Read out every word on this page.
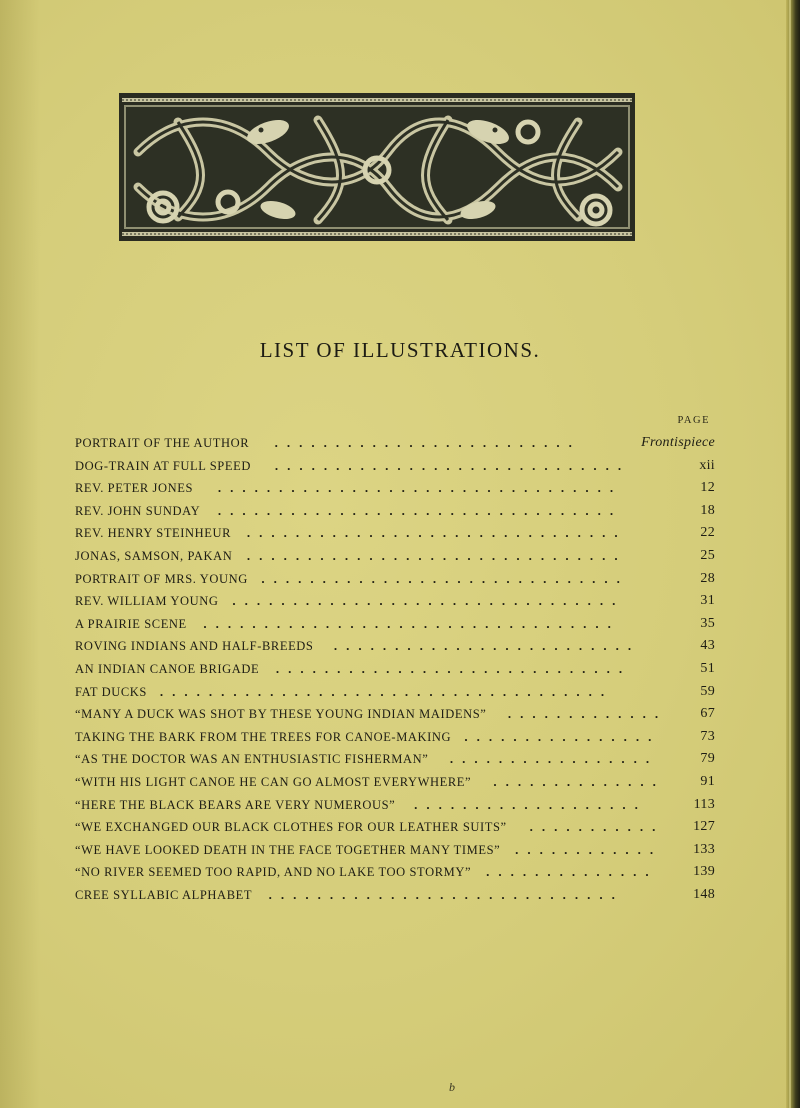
LIST OF ILLUSTRATIONS.
PAGE
PORTRAIT OF THE AUTHOR .........................	Frontispiece
DOG-TRAIN AT FULL SPEED .............................	xii
REV. PETER JONES .................................	12
REV. JOHN SUNDAY .................................	18
REV. HENRY STEINHEUR ...............................	22
JONAS, SAMSON, PAKAN ...............................	25
PORTRAIT OF MRS. YOUNG ..............................	28
REV. WILLIAM YOUNG ................................	31
A PRAIRIE SCENE ..................................	35
ROVING INDIANS AND HALF-BREEDS .........................	43
AN INDIAN CANOE BRIGADE .............................	51
FAT DUCKS .....................................	59
“MANY A DUCK WAS SHOT BY THESE YOUNG INDIAN MAIDENS” ............. 67
TAKING THE BARK FROM THE TREES FOR CANOE-MAKING ................	73
“AS THE DOCTOR WAS AN ENTHUSIASTIC FISHERMAN” .................	79
“WITH HIS LIGHT CANOE HE CAN GO ALMOST EVERYWHERE” ..............	91
“HERE THE BLACK BEARS ARE VERY NUMEROUS” ...................	113
“WE EXCHANGED OUR BLACK CLOTHES FOR OUR LEATHER SUITS” ........... 127
“WE HAVE LOOKED DEATH IN THE FACE TOGETHER MANY TIMES” ............ 133
“NO RIVER SEEMED TOO RAPID, AND NO LAKE TOO STORMY” ..............	139
CREE SYLLABIC ALPHABET .............................	148
b
